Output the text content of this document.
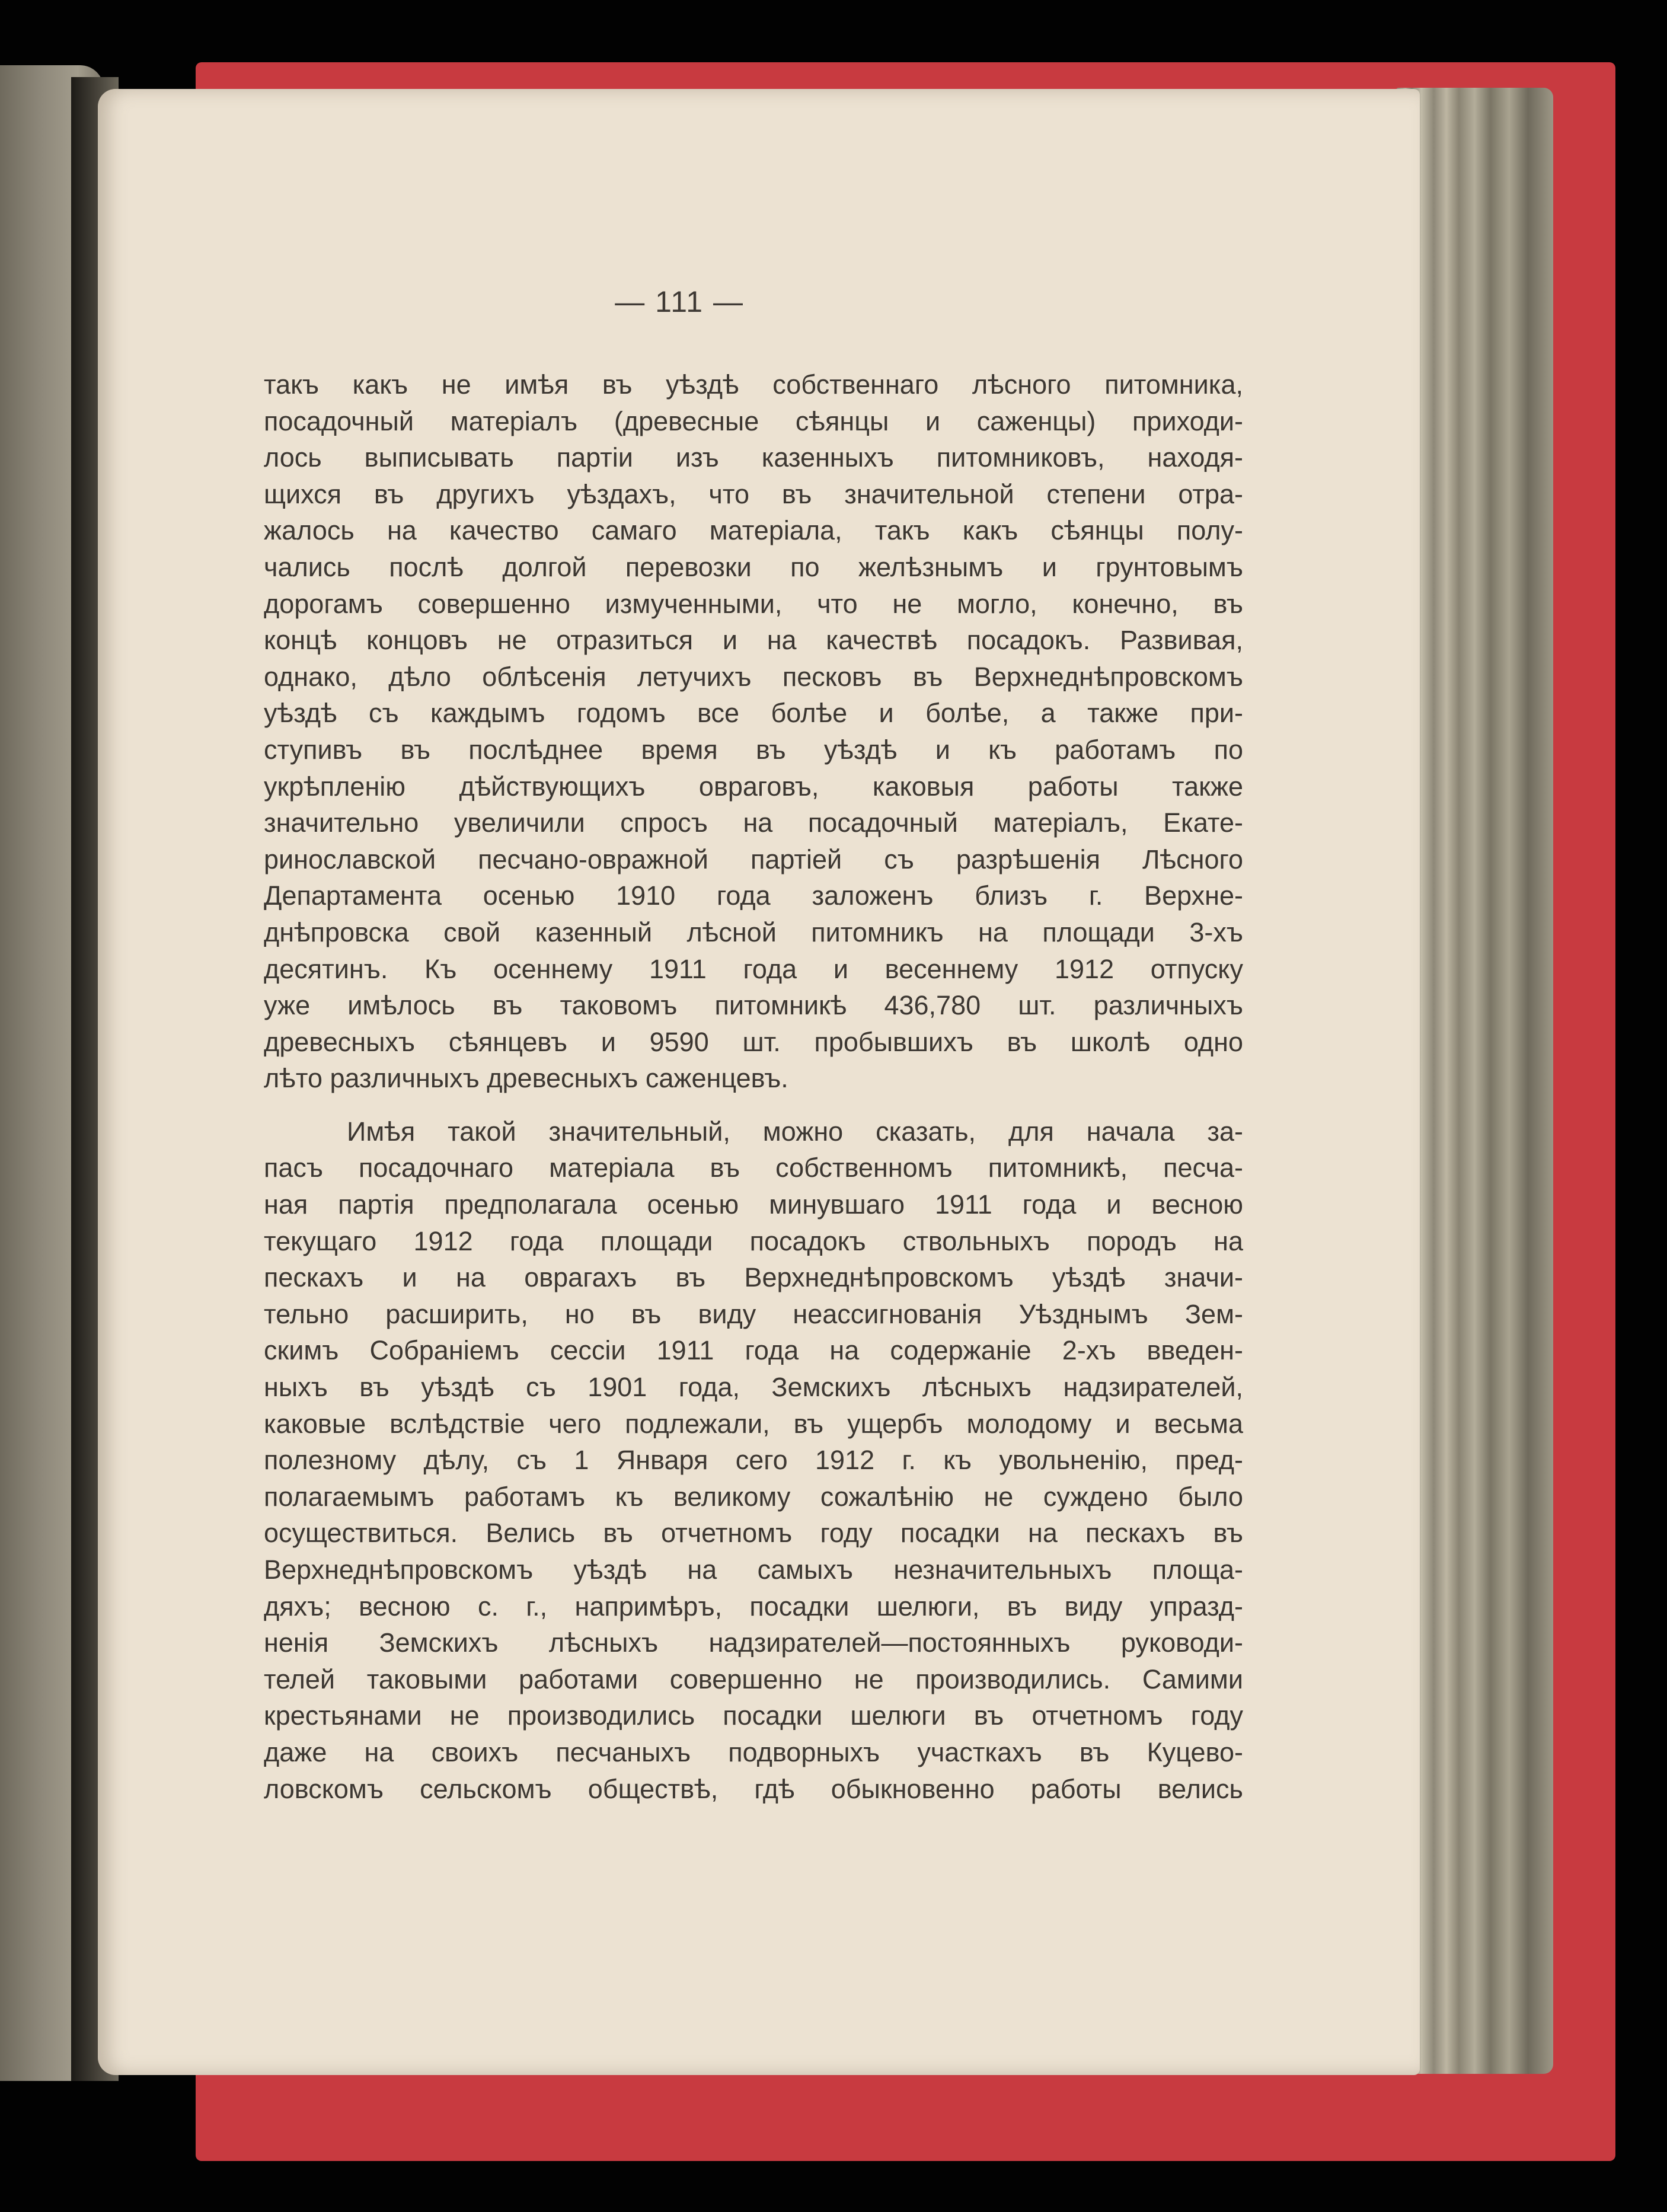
— 111 —
такъ какъ не имѣя въ уѣздѣ собственнаго лѣсного питомника,
посадочный матеріалъ (древесные сѣянцы и саженцы) приходи-
лось выписывать партіи изъ казенныхъ питомниковъ, находя-
щихся въ другихъ уѣздахъ, что въ значительной степени отра-
жалось на качество самаго матеріала, такъ какъ сѣянцы полу-
чались послѣ долгой перевозки по желѣзнымъ и грунтовымъ
дорогамъ совершенно измученными, что не могло, конечно, въ
концѣ концовъ не отразиться и на качествѣ посадокъ. Развивая,
однако, дѣло облѣсенія летучихъ песковъ въ Верхнеднѣпровскомъ
уѣздѣ съ каждымъ годомъ все болѣе и болѣе, а также при-
ступивъ въ послѣднее время въ уѣздѣ и къ работамъ по
укрѣпленію дѣйствующихъ овраговъ, каковыя работы также
значительно увеличили спросъ на посадочный матеріалъ, Екате-
ринославской песчано-овражной партіей съ разрѣшенія Лѣсного
Департамента осенью 1910 года заложенъ близъ г. Верхне-
днѣпровска свой казенный лѣсной питомникъ на площади 3-хъ
десятинъ. Къ осеннему 1911 года и весеннему 1912 отпуску
уже имѣлось въ таковомъ питомникѣ 436,780 шт. различныхъ
древесныхъ сѣянцевъ и 9590 шт. пробывшихъ въ школѣ одно
лѣто различныхъ древесныхъ саженцевъ.
Имѣя такой значительный, можно сказать, для начала за-
пасъ посадочнаго матеріала въ собственномъ питомникѣ, песча-
ная партія предполагала осенью минувшаго 1911 года и весною
текущаго 1912 года площади посадокъ ствольныхъ породъ на
пескахъ и на оврагахъ въ Верхнеднѣпровскомъ уѣздѣ значи-
тельно расширить, но въ виду неассигнованія Уѣзднымъ Зем-
скимъ Собраніемъ сессіи 1911 года на содержаніе 2-хъ введен-
ныхъ въ уѣздѣ съ 1901 года, Земскихъ лѣсныхъ надзирателей,
каковые вслѣдствіе чего подлежали, въ ущербъ молодому и весьма
полезному дѣлу, съ 1 Января сего 1912 г. къ увольненію, пред-
полагаемымъ работамъ къ великому сожалѣнію не суждено было
осуществиться. Велись въ отчетномъ году посадки на пескахъ въ
Верхнеднѣпровскомъ уѣздѣ на самыхъ незначительныхъ площа-
дяхъ; весною с. г., напримѣръ, посадки шелюги, въ виду упразд-
ненія Земскихъ лѣсныхъ надзирателей—постоянныхъ руководи-
телей таковыми работами совершенно не производились. Самими
крестьянами не производились посадки шелюги въ отчетномъ году
даже на своихъ песчаныхъ подворныхъ участкахъ въ Куцево-
ловскомъ сельскомъ обществѣ, гдѣ обыкновенно работы велись
